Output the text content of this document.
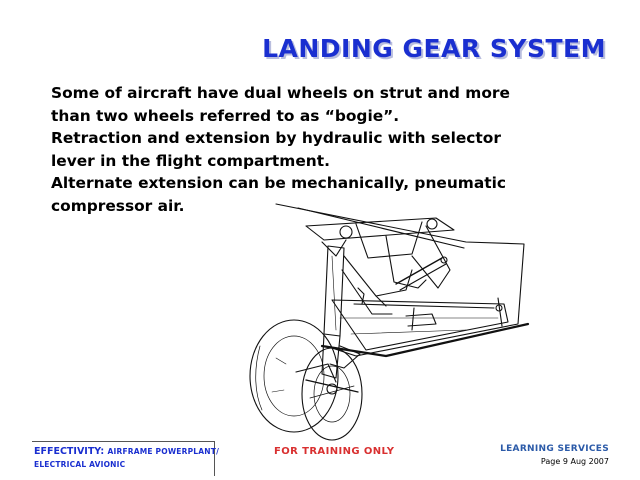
LANDING GEAR SYSTEM

Some of aircraft have dual wheels on strut and more

than two wheels referred to as “bogie”.

Retraction and extension by hydraulic with selector

lever in the flight compartment.

Alternate extension can be mechanically, pneumatic

compressor air.

EFFECTIVITY: AIRFRAME POWERPLANT/
ELECTRICAL AVIONIC
FOR TRAINING ONLY	LEARNING SERVICES
Page 9 Aug 2007
